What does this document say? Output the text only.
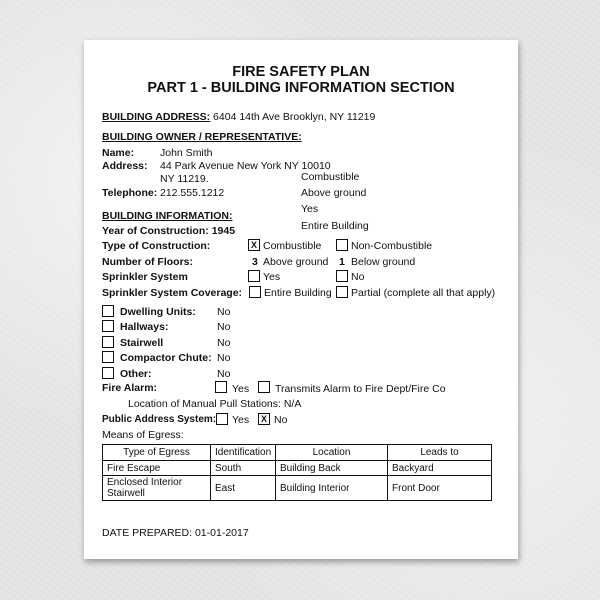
FIRE SAFETY PLAN
PART 1 - BUILDING INFORMATION SECTION
BUILDING ADDRESS: 6404 14th Ave Brooklyn, NY 11219
BUILDING OWNER / REPRESENTATIVE:
Name: John Smith
Address: 44 Park Avenue New York NY 10010
NY 11219.
Telephone: 212.555.1212
Combustible
Above ground
Yes
Entire Building
BUILDING INFORMATION:
Year of Construction: 1945
Type of Construction:	X Combustible	Non-Combustible
Number of Floors:	3 Above ground 1 Below ground
Sprinkler System	Yes	No
Sprinkler System Coverage: Entire Building Partial (complete all that apply)
Dwelling Units: No
Hallways:	No
Stairwell	No
Compactor Chute: No
Other:	No
Fire Alarm:	Yes Transmits Alarm to Fire Dept/Fire Co
Location of Manual Pull Stations: N/A
Public Address System: Yes	X No
Means of Egress:
Type of Egress	Identification	Location	Leads to
Fire Escape	South	Building Back	Backyard
Enclosed Interior Stairwell	East	Building Interior	Front Door
DATE PREPARED: 01-01-2017
